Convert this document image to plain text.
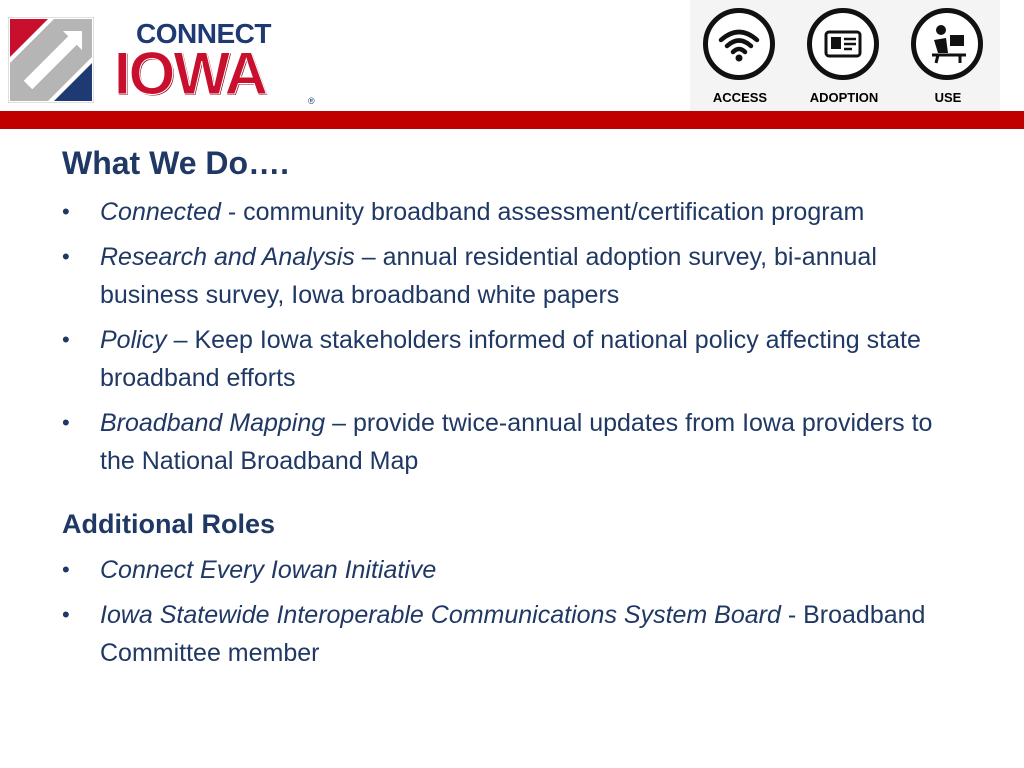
CONNECT
IOWA	®	ACCESS	ADOPTION	USE
What We Do….
• Connected - community broadband assessment/certification program
• Research and Analysis – annual residential adoption survey, bi-annual business survey, Iowa broadband white papers
• Policy – Keep Iowa stakeholders informed of national policy affecting state broadband efforts
• Broadband Mapping – provide twice-annual updates from Iowa providers to the National Broadband Map
Additional Roles
• Connect Every Iowan Initiative
• Iowa Statewide Interoperable Communications System Board - Broadband Committee member
